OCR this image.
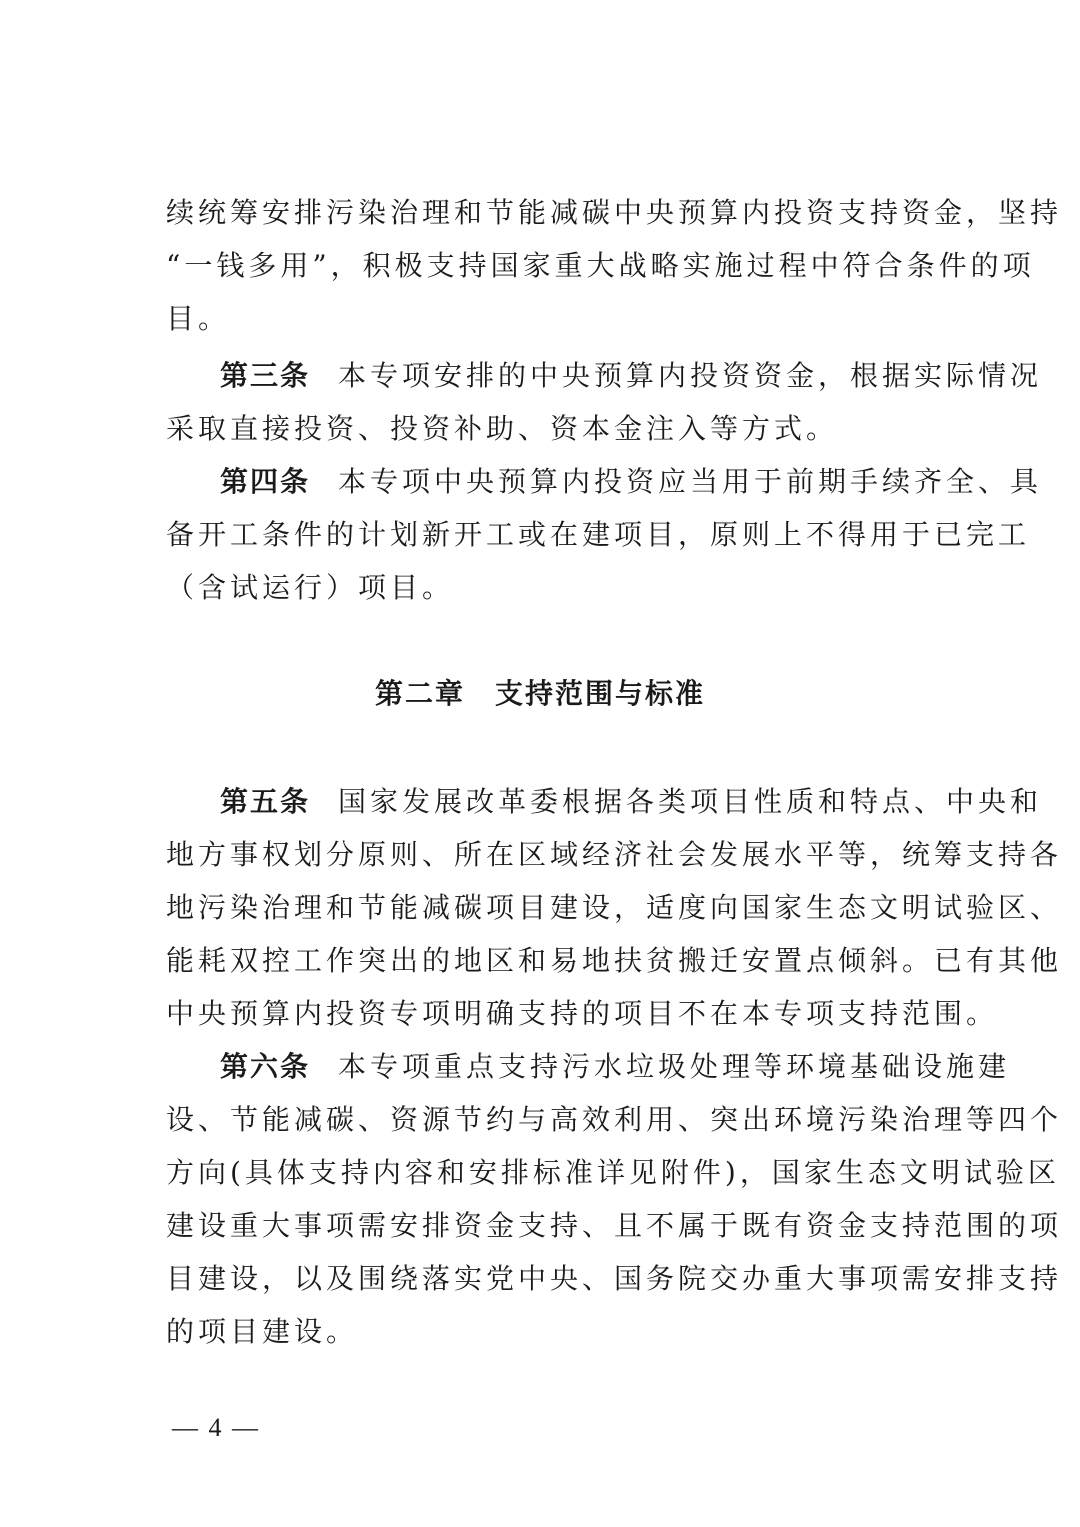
续统筹安排污染治理和节能减碳中央预算内投资支持资金，坚持
“一钱多用”，积极支持国家重大战略实施过程中符合条件的项
目。
第三条 本专项安排的中央预算内投资资金，根据实际情况
采取直接投资、投资补助、资本金注入等方式。
第四条 本专项中央预算内投资应当用于前期手续齐全、具
备开工条件的计划新开工或在建项目，原则上不得用于已完工
（含试运行）项目。
第二章 支持范围与标准
第五条 国家发展改革委根据各类项目性质和特点、中央和
地方事权划分原则、所在区域经济社会发展水平等，统筹支持各
地污染治理和节能减碳项目建设，适度向国家生态文明试验区、
能耗双控工作突出的地区和易地扶贫搬迁安置点倾斜。已有其他
中央预算内投资专项明确支持的项目不在本专项支持范围。
第六条 本专项重点支持污水垃圾处理等环境基础设施建
设、节能减碳、资源节约与高效利用、突出环境污染治理等四个
方向(具体支持内容和安排标准详见附件)，国家生态文明试验区
建设重大事项需安排资金支持、且不属于既有资金支持范围的项
目建设，以及围绕落实党中央、国务院交办重大事项需安排支持
的项目建设。
— 4 —
